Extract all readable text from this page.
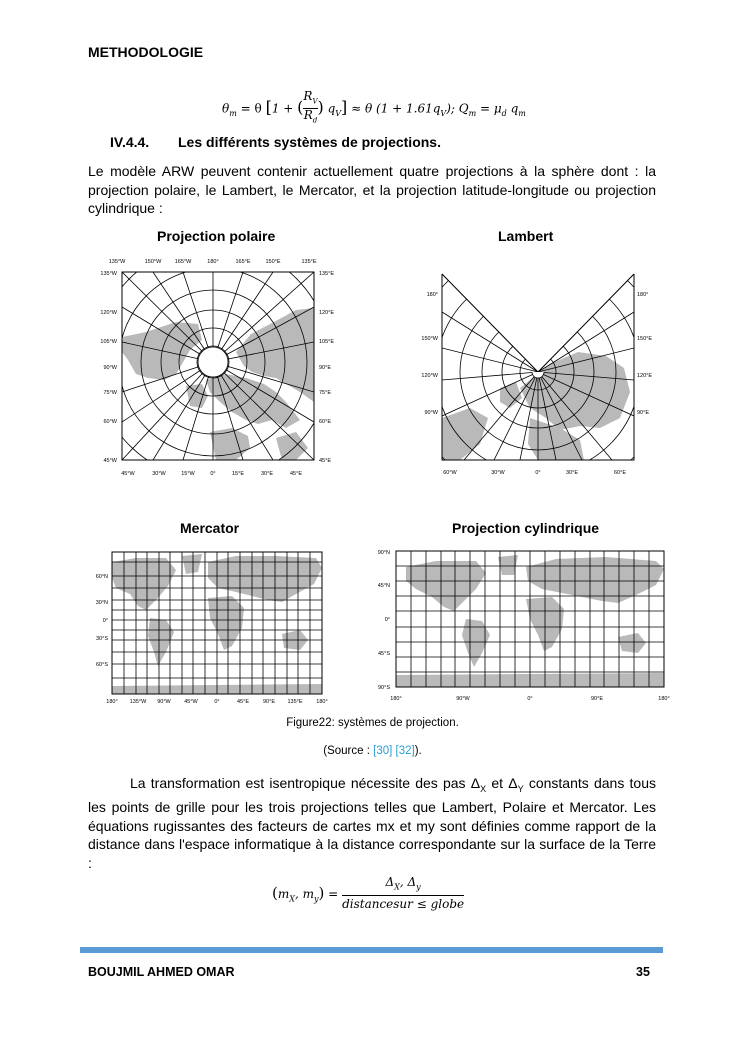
METHODOLOGIE
$\theta_m = \theta$ [1 + ( $\frac{R_V}{R_d}$ ) $q_V] \approx \theta$ $(1 + 1.61q_V)$; $Q_m = \mu_d$ $q_m$
IV.4.4. Les différents systèmes de projections.
Le modèle ARW peuvent contenir actuellement quatre projections à la sphère dont : la projection polaire, le Lambert, le Mercator, et la projection latitude-longitude ou projection cylindrique :
Projection polaire	Lambert
Mercator	Projection cylindrique
135°W	150°W 165°W	180°	165°E	150°E	135°E
45°W	30°W	15°W	0°	15°E	30°E	45°E
135°W
120°W
105°W
90°W
75°W
60°W
45°W
135°E
120°E
105°E
90°E
75°E
60°E
45°E
180°
150°W
120°W
90°W
180°
150°E
120°E
90°E
60°W	30°W	0°	30°E	60°E
60°N
30°N
0°
30°S
60°S
180° 135°W 90°W 45°W	0°	45°E	90°E 135°E	180°
90°N
45°N
0°
45°S
90°S
180°	90°W	0°	90°E	180°
Figure22: systèmes de projection.
(Source : [30] [32]).
La transformation est isentropique nécessite des pas $\Delta_X$ et $\Delta_Y$ constants dans tous les points de grille pour les trois projections telles que Lambert, Polaire et Mercator. Les équations rugissantes des facteurs de cartes mx et my sont définies comme rapport de la distance dans l'espace informatique à la distance correspondante sur la surface de la Terre :
($m_X$, $m_y$) =
$\Delta_X$, $\Delta_y$
distancesur ≤ globe
BOUJMIL AHMED OMAR	35
